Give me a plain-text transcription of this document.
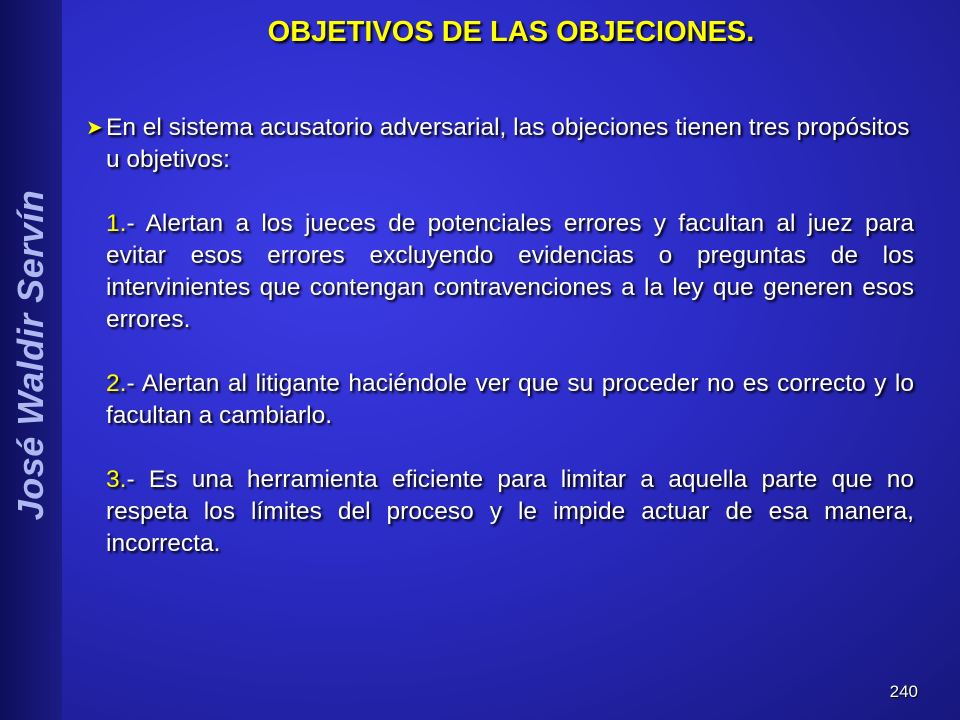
José Waldir Servín
OBJETIVOS DE LAS OBJECIONES.
➤ En el sistema acusatorio adversarial, las objeciones tienen tres propósitos u objetivos:
1.- Alertan a los jueces de potenciales errores y facultan al juez para evitar esos errores excluyendo evidencias o preguntas de los intervinientes que contengan contravenciones a la ley que generen esos errores.
2.- Alertan al litigante haciéndole ver que su proceder no es correcto y lo facultan a cambiarlo.
3.- Es una herramienta eficiente para limitar a aquella parte que no respeta los límites del proceso y le impide actuar de esa manera, incorrecta.
240
